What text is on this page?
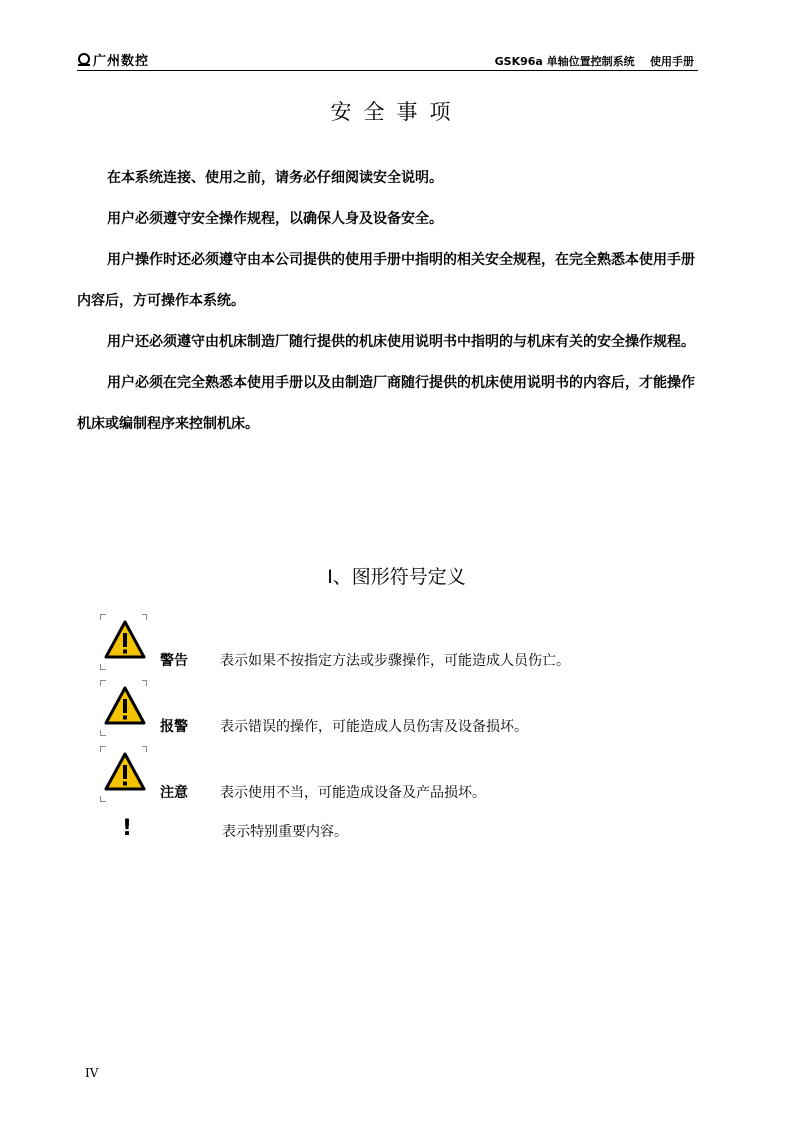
广州数控	GSK96a 单轴位置控制系统    使用手册
安全事项

在本系统连接、使用之前，请务必仔细阅读安全说明。

用户必须遵守安全操作规程，以确保人身及设备安全。

用户操作时还必须遵守由本公司提供的使用手册中指明的相关安全规程，在完全熟悉本使用手册内容后，方可操作本系统。

用户还必须遵守由机床制造厂随行提供的机床使用说明书中指明的与机床有关的安全操作规程。

用户必须在完全熟悉本使用手册以及由制造厂商随行提供的机床使用说明书的内容后，才能操作机床或编制程序来控制机床。

Ⅰ、图形符号定义
警告 表示如果不按指定方法或步骤操作，可能造成人员伤亡。
报警 表示错误的操作，可能造成人员伤害及设备损坏。
注意 表示使用不当，可能造成设备及产品损坏。
!	表示特别重要内容。
IV
